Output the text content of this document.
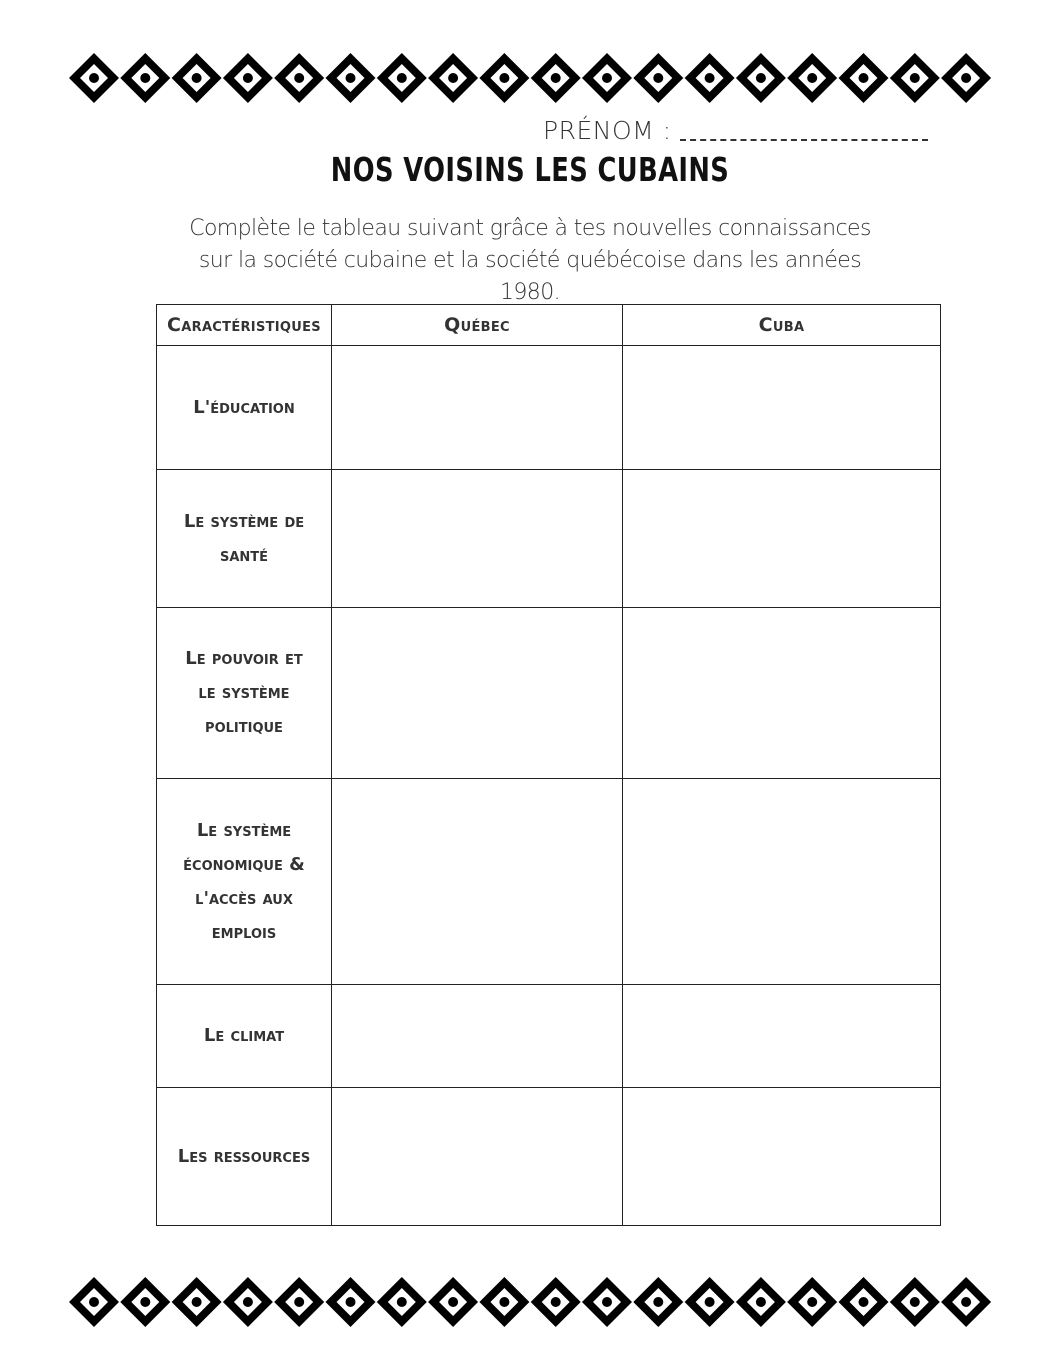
PRÉNOM :
NOS VOISINS LES CUBAINS
Complète le tableau suivant grâce à tes nouvelles connaissances sur la société cubaine et la société québécoise dans les années 1980.
Caractéristiques	Québec	Cuba
L'éducation		
Le système de santé		
Le pouvoir et le système politique		
Le système économique & l'accès aux emplois		
Le climat		
Les ressources		
